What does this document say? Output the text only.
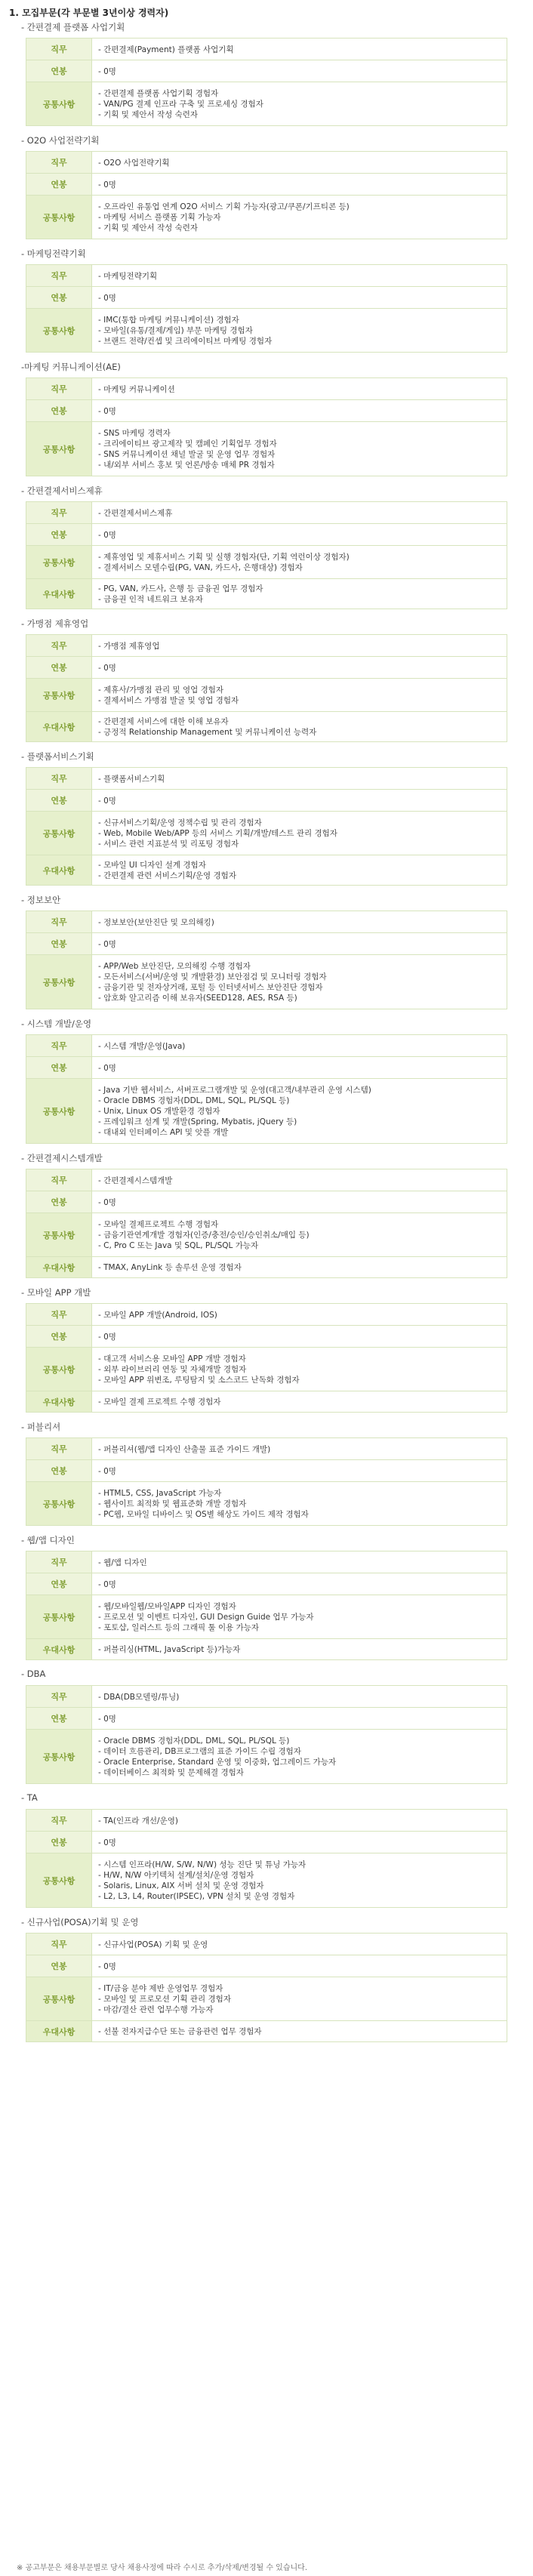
1. 모집부문(각 부문별 3년이상 경력자)
- 간편결제 플랫폼 사업기획
직무	- 간편결제(Payment) 플랫폼 사업기획
연봉	- 0명
공통사항	- 간편결제 플랫폼 사업기획 경험자
- VAN/PG 결제 인프라 구축 및 프로세싱 경험자
- 기획 및 제안서 작성 숙련자
- O2O 사업전략기획
직무	- O2O 사업전략기획
연봉	- 0명
공통사항	- 오프라인 유통업 연계 O2O 서비스 기획 가능자(광고/쿠폰/기프티콘 등)
- 마케팅 서비스 플랫폼 기획 가능자
- 기획 및 제안서 작성 숙련자
- 마케팅전략기획
직무	- 마케팅전략기획
연봉	- 0명
공통사항	- IMC(통합 마케팅 커뮤니케이션) 경험자
- 모바일(유통/결제/게임) 부문 마케팅 경험자
- 브랜드 전략/컨셉 및 크리에이티브 마케팅 경험자
-마케팅 커뮤니케이션(AE)
직무	- 마케팅 커뮤니케이션
연봉	- 0명
공통사항	- SNS 마케팅 경력자
- 크리에이티브 광고제작 및 캠페인 기획업무 경험자
- SNS 커뮤니케이션 채널 발굴 및 운영 업무 경험자
- 내/외부 서비스 홍보 및 언론/방송 매체 PR 경험자
- 간편결제서비스제휴
직무	- 간편결제서비스제휴
연봉	- 0명
공통사항	- 제휴영업 및 제휴서비스 기획 및 실행 경험자(단, 기획 역런이상 경험자)
- 결제서비스 모델수립(PG, VAN, 카드사, 은행대상) 경험자

우대사항	- PG, VAN, 카드사, 은행 등 금융권 업무 경험자
- 금융권 인적 네트워크 보유자
- 가맹점 제휴영업
직무	- 가맹점 제휴영업
연봉	- 0명
공통사항	- 제휴사/가맹점 관리 및 영업 경험자
- 결제서비스 가맹점 발굴 및 영업 경험자

우대사항	- 간편결제 서비스에 대한 이해 보유자
- 긍정적 Relationship Management 및 커뮤니케이션 능력자
- 플랫폼서비스기획
직무	- 플랫폼서비스기획
연봉	- 0명
공통사항	- 신규서비스기획/운영 정책수립 및 관리 경험자
- Web, Mobile Web/APP 등의 서비스 기획/개발/테스트 관리 경험자
- 서비스 관련 지표분석 및 리포팅 경험자

우대사항	- 모바일 UI 디자인 설계 경험자
- 간편결제 관련 서비스기획/운영 경험자
- 정보보안
직무	- 정보보안(보안진단 및 모의해킹)
연봉	- 0명
공통사항	- APP/Web 보안진단, 모의해킹 수행 경험자
- 모든서비스(서버/운영 및 개발환경) 보안점검 및 모니터링 경험자
- 금융기관 및 전자상거래, 포털 등 인터넷서비스 보안진단 경험자
- 암호화 알고리즘 이해 보유자(SEED128, AES, RSA 등)
- 시스템 개발/운영
직무	- 시스템 개발/운영(Java)
연봉	- 0명
공통사항	- Java 기반 웹서비스, 서버프로그램개발 및 운영(대고객/내부관리 운영 시스템)
- Oracle DBMS 경험자(DDL, DML, SQL, PL/SQL 등)
- Unix, Linux OS 개발환경 경험자
- 프레임워크 설계 및 개발(Spring, Mybatis, jQuery 등)
- 대내외 인터페이스 API 및 앗플 개발
- 간편결제시스템개발
직무	- 간편결제시스템개발
연봉	- 0명
공통사항	- 모바일 결제프로젝트 수행 경험자
- 금융기관연계개발 경험자(인증/충전/승인/승인취소/매입 등)
- C, Pro C 또는 Java 및 SQL, PL/SQL 가능자

우대사항	- TMAX, AnyLink 등 솔루션 운영 경험자
- 모바일 APP 개발
직무	- 모바일 APP 개발(Android, IOS)
연봉	- 0명
공통사항	- 대고객 서비스용 모바일 APP 개발 경험자
- 외부 라이브러리 연동 및 자체개발 경험자
- 모바일 APP 위변조, 루팅탐지 및 소스코드 난독화 경험자

우대사항	- 모바일 결제 프로젝트 수행 경험자
- 퍼블리셔
직무	- 퍼블리셔(웹/앱 디자인 산출물 표준 가이드 개발)
연봉	- 0명
공통사항	- HTML5, CSS, JavaScript 가능자
- 웹사이트 최적화 및 웹표준화 개발 경험자
- PC웹, 모바일 디바이스 및 OS별 해상도 가이드 제작 경험자
- 웹/앱 디자인
직무	- 웹/앱 디자인
연봉	- 0명
공통사항	- 웹/모바일웹/모바일APP 디자인 경험자
- 프로모션 및 이벤트 디자인, GUI Design Guide 업무 가능자
- 포토샵, 일러스트 등의 그래픽 툴 이용 가능자

우대사항	- 퍼블리싱(HTML, JavaScript 등)가능자
- DBA
직무	- DBA(DB모델링/튜닝)
연봉	- 0명
공통사항	- Oracle DBMS 경험자(DDL, DML, SQL, PL/SQL 등)
- 데이터 흐름관리, DB프로그램의 표준 가이드 수립 경험자
- Oracle Enterprise, Standard 운영 및 이중화, 업그레이드 가능자
- 데이터베이스 최적화 및 문제해결 경험자
- TA
직무	- TA(인프라 개선/운영)
연봉	- 0명
공통사항	- 시스템 인프라(H/W, S/W, N/W) 성능 진단 및 튜닝 가능자
- H/W, N/W 아키텍처 설계/설치/운영 경험자
- Solaris, Linux, AIX 서버 설치 및 운영 경험자
- L2, L3, L4, Router(IPSEC), VPN 설치 및 운영 경험자
- 신규사업(POSA)기획 및 운영
직무	- 신규사업(POSA) 기획 및 운영
연봉	- 0명
공통사항	- IT/금융 분야 제반 운영업무 경험자
- 모바일 및 프로모션 기획 관리 경험자
- 마감/결산 관련 업무수행 가능자

우대사항	- 선불 전자지급수단 또는 금융관련 업무 경험자
※ 공고부문은 채용부문별로 당사 채용사정에 따라 수시로 추가/삭제/변경될 수 있습니다.
